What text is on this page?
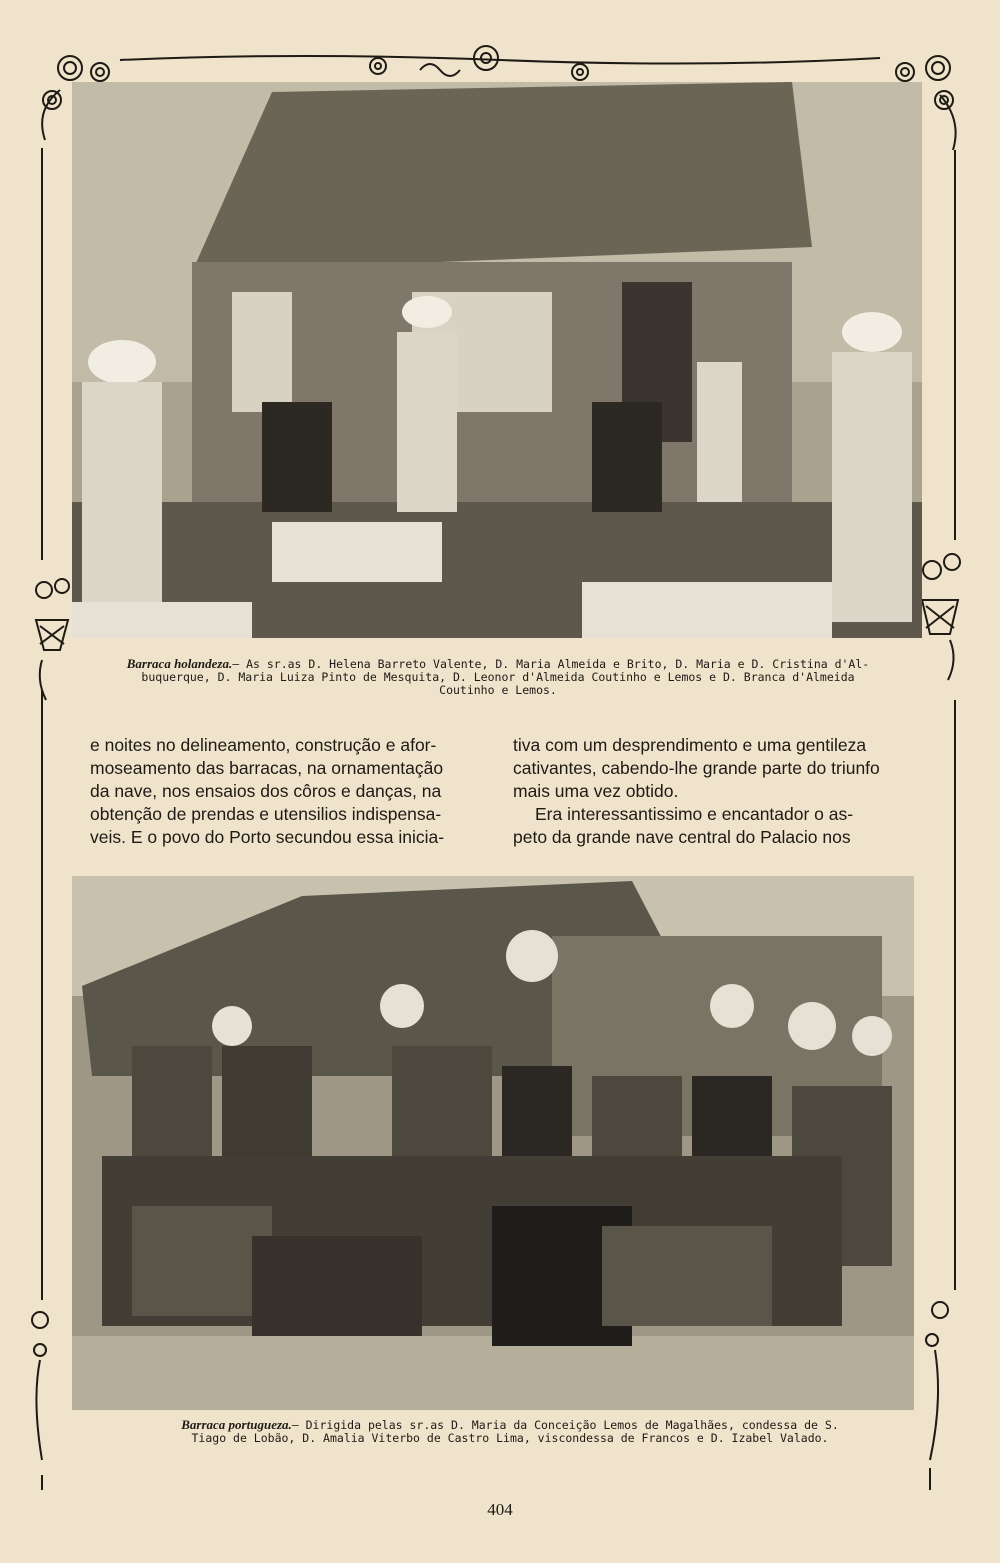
Barraca holandeza.— As sr.as D. Helena Barreto Valente, D. Maria Almeida e Brito, D. Maria e D. Cristina d'Al-
buquerque, D. Maria Luiza Pinto de Mesquita, D. Leonor d'Almeida Coutinho e Lemos e D. Branca d'Almeida
Coutinho e Lemos.

e noites no delineamento, construção e afor-

moseamento das barracas, na ornamentação

da nave, nos ensaios dos côros e danças, na

obtenção de prendas e utensilios indispensa-

veis. E o povo do Porto secundou essa inicia-

tiva com um desprendimento e uma gentileza

cativantes, cabendo-lhe grande parte do triunfo

mais uma vez obtido.

Era interessantissimo e encantador o as-

peto da grande nave central do Palacio nos

Barraca portugueza.— Dirigida pelas sr.as D. Maria da Conceição Lemos de Magalhães, condessa de S.
Tiago de Lobão, D. Amalia Viterbo de Castro Lima, viscondessa de Francos e D. Izabel Valado.
404
